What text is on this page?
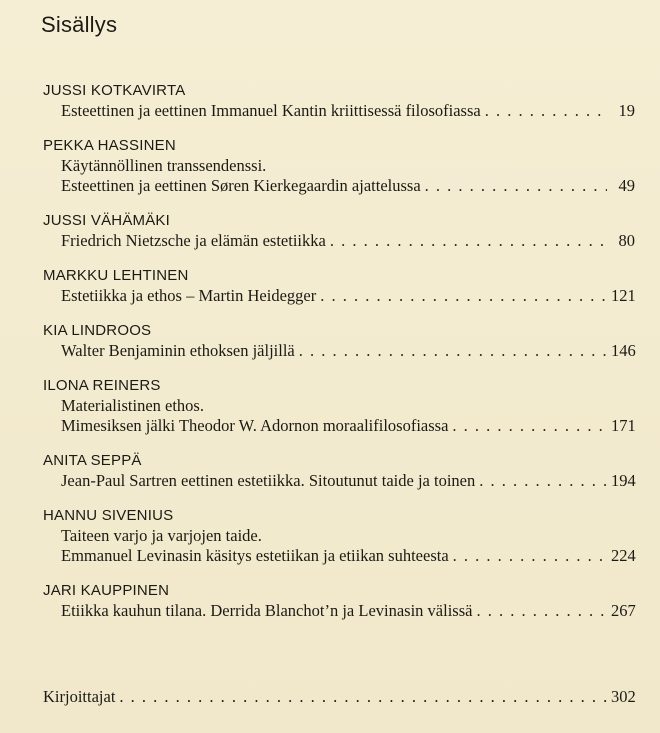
Sisällys
JUSSI KOTKAVIRTA
Esteettinen ja eettinen Immanuel Kantin kriittisessä filosofiassa . . .	19
PEKKA HASSINEN
Käytännöllinen transsendenssi.
Esteettinen ja eettinen Søren Kierkegaardin ajattelussa . . .	49
JUSSI VÄHÄMÄKI
Friedrich Nietzsche ja elämän estetiikka . . .	80
MARKKU LEHTINEN
Estetiikka ja ethos – Martin Heidegger . . .	121
KIA LINDROOS
Walter Benjaminin ethoksen jäljillä . . .	146
ILONA REINERS
Materialistinen ethos.
Mimesiksen jälki Theodor W. Adornon moraalifilosofiassa . . .	171
ANITA SEPPÄ
Jean-Paul Sartren eettinen estetiikka. Sitoutunut taide ja toinen . . .	194
HANNU SIVENIUS
Taiteen varjo ja varjojen taide.
Emmanuel Levinasin käsitys estetiikan ja etiikan suhteesta . . .	224
JARI KAUPPINEN
Etiikka kauhun tilana. Derrida Blanchot’n ja Levinasin välissä . . .	267
Kirjoittajat . . .	302
